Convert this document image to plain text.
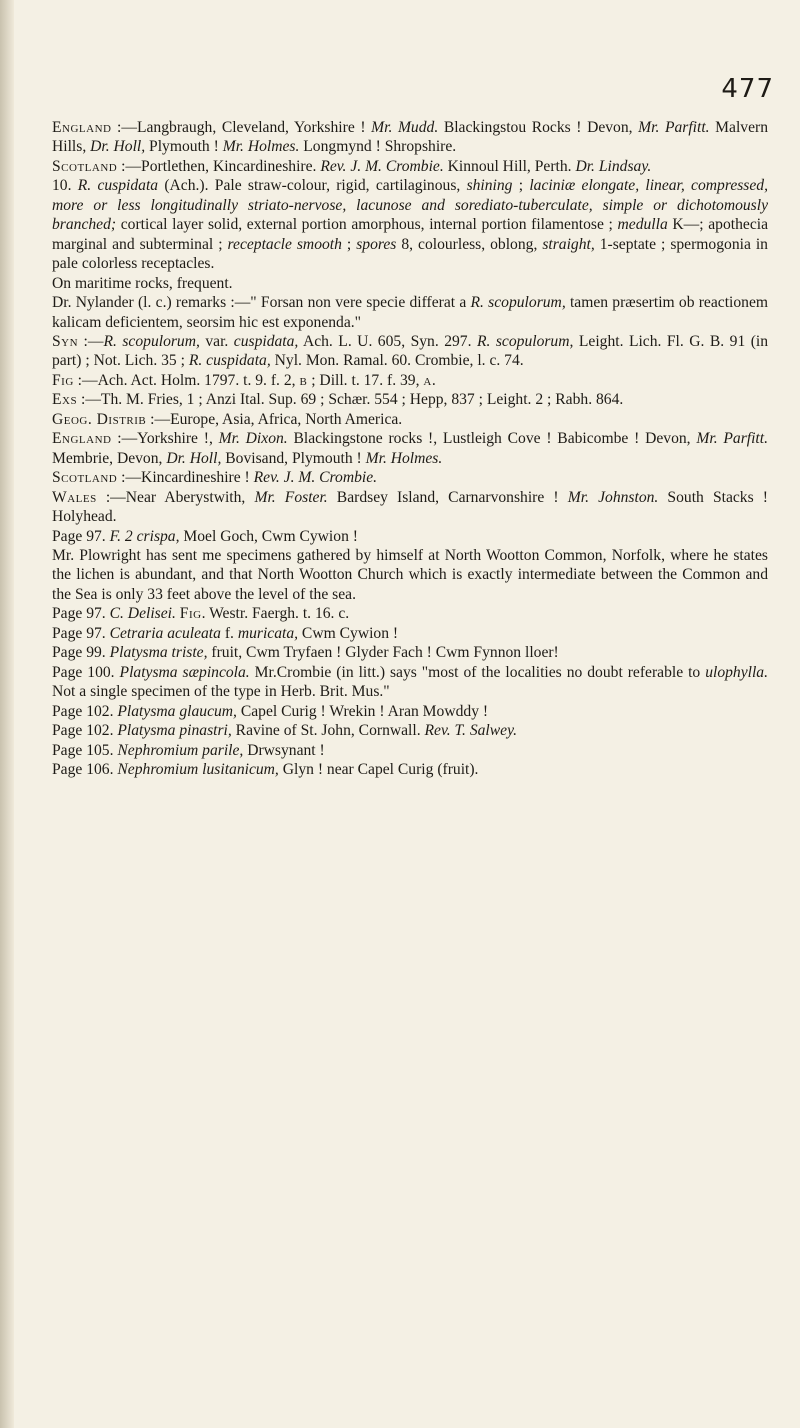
477

England :—Langbraugh, Cleveland, Yorkshire ! Mr. Mudd. Blackingstou Rocks ! Devon, Mr. Parfitt. Malvern Hills, Dr. Holl, Plymouth ! Mr. Holmes. Longmynd ! Shropshire.

Scotland :—Portlethen, Kincardineshire. Rev. J. M. Crombie. Kinnoul Hill, Perth. Dr. Lindsay.

10. R. cuspidata (Ach.). Pale straw-colour, rigid, cartilaginous, shining ; laciniæ elongate, linear, compressed, more or less longitudinally striato-nervose, lacunose and sorediato-tuberculate, simple or dichotomously branched; cortical layer solid, external portion amorphous, internal portion filamentose ; medulla K—; apothecia marginal and subterminal ; receptacle smooth ; spores 8, colourless, oblong, straight, 1-septate ; spermogonia in pale colorless receptacles.

On maritime rocks, frequent.

Dr. Nylander (l. c.) remarks :—" Forsan non vere specie differat a R. scopulorum, tamen præsertim ob reactionem kalicam deficientem, seorsim hic est exponenda."

Syn :—R. scopulorum, var. cuspidata, Ach. L. U. 605, Syn. 297. R. scopulorum, Leight. Lich. Fl. G. B. 91 (in part) ; Not. Lich. 35 ; R. cuspidata, Nyl. Mon. Ramal. 60. Crombie, l. c. 74.

Fig :—Ach. Act. Holm. 1797. t. 9. f. 2, b ; Dill. t. 17. f. 39, a.

Exs :—Th. M. Fries, 1 ; Anzi Ital. Sup. 69 ; Schær. 554 ; Hepp, 837 ; Leight. 2 ; Rabh. 864.

Geog. Distrib :—Europe, Asia, Africa, North America.

England :—Yorkshire !, Mr. Dixon. Blackingstone rocks !, Lustleigh Cove ! Babicombe ! Devon, Mr. Parfitt. Membrie, Devon, Dr. Holl, Bovisand, Plymouth ! Mr. Holmes.

Scotland :—Kincardineshire ! Rev. J. M. Crombie.

Wales :—Near Aberystwith, Mr. Foster. Bardsey Island, Carnarvonshire ! Mr. Johnston. South Stacks ! Holyhead.

Page 97. F. 2 crispa, Moel Goch, Cwm Cywion !

Mr. Plowright has sent me specimens gathered by himself at North Wootton Common, Norfolk, where he states the lichen is abundant, and that North Wootton Church which is exactly intermediate between the Common and the Sea is only 33 feet above the level of the sea.

Page 97. C. Delisei. Fig. Westr. Faergh. t. 16. c.

Page 97. Cetraria aculeata f. muricata, Cwm Cywion !

Page 99. Platysma triste, fruit, Cwm Tryfaen ! Glyder Fach ! Cwm Fynnon lloer!

Page 100. Platysma sæpincola. Mr.Crombie (in litt.) says "most of the localities no doubt referable to ulophylla. Not a single specimen of the type in Herb. Brit. Mus."

Page 102. Platysma glaucum, Capel Curig ! Wrekin ! Aran Mowddy !

Page 102. Platysma pinastri, Ravine of St. John, Cornwall. Rev. T. Salwey.

Page 105. Nephromium parile, Drwsynant !

Page 106. Nephromium lusitanicum, Glyn ! near Capel Curig (fruit).
